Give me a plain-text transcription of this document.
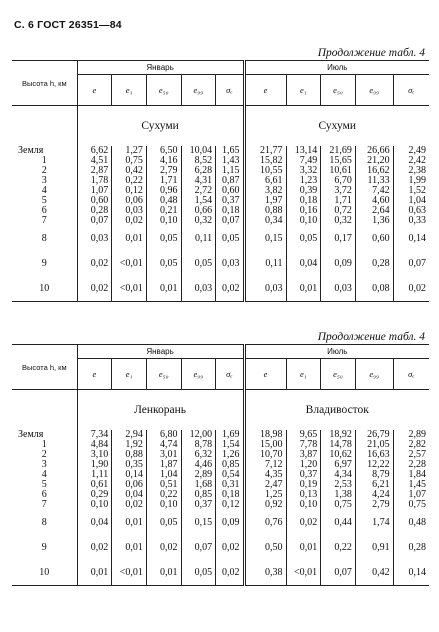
С. 6 ГОСТ 26351—84
Продолжение табл. 4
Высота h, км	Январь					Июль				
	e	e₁	e₅₀	e₉₉	σₑ	e	e₁	e₅₀	e₉₉	σₑ
	Сухуми					Сухуми				
Земля	6,62	1,27	6,50	10,04	1,65	21,77	13,14	21,69	26,66	2,49
1	4,51	0,75	4,16	8,52	1,43	15,82	7,49	15,65	21,20	2,42
2	2,87	0,42	2,79	6,28	1,15	10,55	3,32	10,61	16,62	2,38
3	1,78	0,22	1,71	4,31	0,87	6,61	1,23	6,70	11,33	1,99
4	1,07	0,12	0,96	2,72	0,60	3,82	0,39	3,72	7,42	1,52
5	0,60	0,06	0,48	1,54	0,37	1,97	0,18	1,71	4,60	1,04
6	0,28	0,03	0,21	0,66	0,18	0,88	0,16	0,72	2,64	0,63
7	0,07	0,02	0,10	0,32	0,07	0,34	0,10	0,32	1,36	0,33
8	0,03	0,01	0,05	0,11	0,05	0,15	0,05	0,17	0,60	0,14
9	0,02	<0,01	0,05	0,05	0,03	0,11	0,04	0,09	0,28	0,07
10	0,02	<0,01	0,01	0,03	0,02	0,03	0,01	0,03	0,08	0,02
Продолжение табл. 4
Высота h, км	Январь					Июль				
	e	e₁	e₅₀	e₉₉	σₑ	e	e₁	e₅₀	e₉₉	σₑ
	Ленкорань					Владивосток				
Земля	7,34	2,94	6,80	12,00	1,69	18,98	9,65	18,92	26,79	2,89
1	4,84	1,92	4,74	8,78	1,54	15,00	7,78	14,78	21,05	2,82
2	3,10	0,88	3,01	6,32	1,26	10,70	3,87	10,62	16,63	2,57
3	1,90	0,35	1,87	4,46	0,85	7,12	1,20	6,97	12,22	2,28
4	1,11	0,14	1,04	2,89	0,54	4,35	0,37	4,34	8,79	1,84
5	0,61	0,06	0,51	1,68	0,31	2,47	0,19	2,53	6,21	1,45
6	0,29	0,04	0,22	0,85	0,18	1,25	0,13	1,38	4,24	1,07
7	0,10	0,02	0,10	0,37	0,12	0,92	0,10	0,75	2,79	0,75
8	0,04	0,01	0,05	0,15	0,09	0,76	0,02	0,44	1,74	0,48
9	0,02	0,01	0,02	0,07	0,02	0,50	0,01	0,22	0,91	0,28
10	0,01	<0,01	0,01	0,05	0,02	0,38	<0,01	0,07	0,42	0,14
